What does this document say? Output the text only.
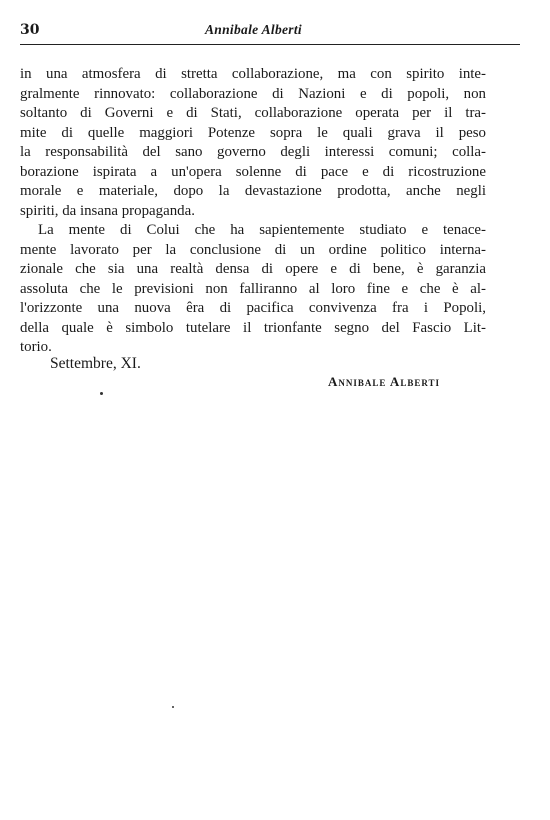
30	Annibale Alberti
in una atmosfera di stretta collaborazione, ma con spirito inte-
gralmente rinnovato: collaborazione di Nazioni e di popoli, non
soltanto di Governi e di Stati, collaborazione operata per il tra-
mite di quelle maggiori Potenze sopra le quali grava il peso
la responsabilità del sano governo degli interessi comuni; colla-
borazione ispirata a un'opera solenne di pace e di ricostruzione
morale e materiale, dopo la devastazione prodotta, anche negli
spiriti, da insana propaganda.
La mente di Colui che ha sapientemente studiato e tenace-
mente lavorato per la conclusione di un ordine politico interna-
zionale che sia una realtà densa di opere e di bene, è garanzia
assoluta che le previsioni non falliranno al loro fine e che è al-
l'orizzonte una nuova êra di pacifica convivenza fra i Popoli,
della quale è simbolo tutelare il trionfante segno del Fascio Lit-
torio.
Settembre, XI.
Annibale Alberti
